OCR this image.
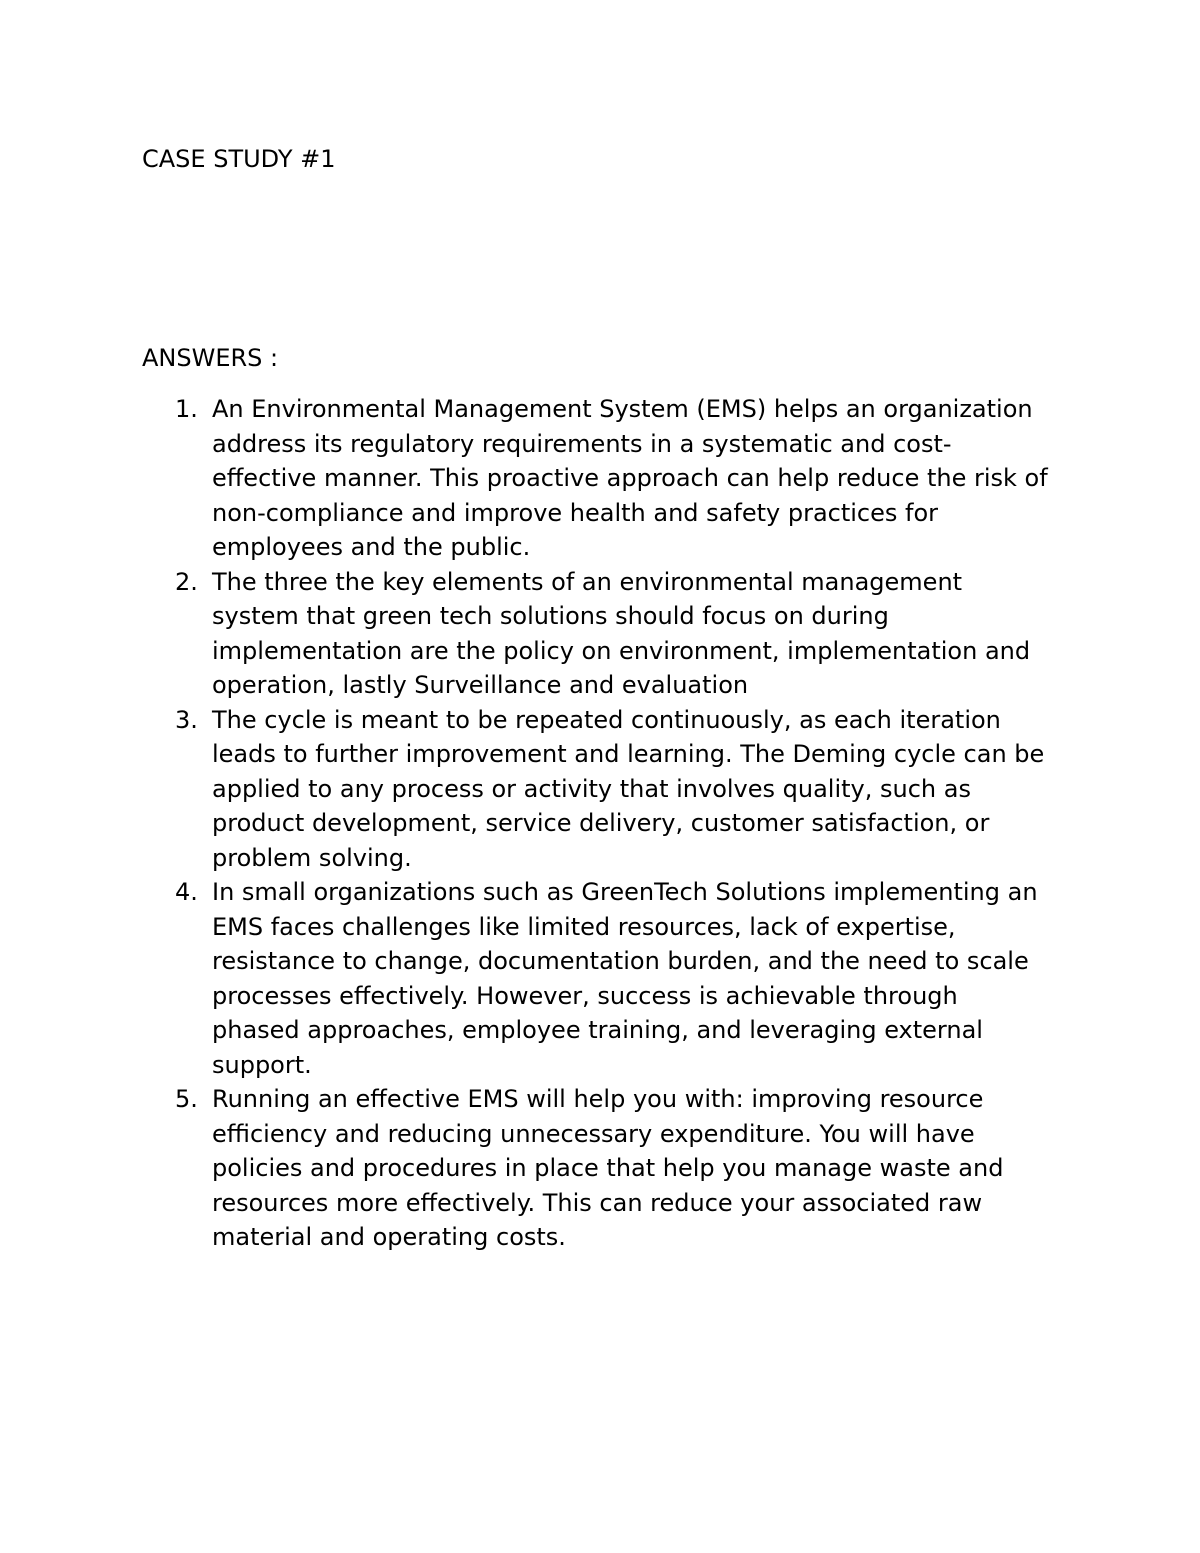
CASE STUDY #1
ANSWERS :
1. An Environmental Management System (EMS) helps an organization address its regulatory requirements in a systematic and cost-effective manner. This proactive approach can help reduce the risk of non-compliance and improve health and safety practices for employees and the public.
2. The three the key elements of an environmental management system that green tech solutions should focus on during implementation are the policy on environment, implementation and operation, lastly Surveillance and evaluation
3. The cycle is meant to be repeated continuously, as each iteration leads to further improvement and learning. The Deming cycle can be applied to any process or activity that involves quality, such as product development, service delivery, customer satisfaction, or problem solving.
4. In small organizations such as GreenTech Solutions implementing an EMS faces challenges like limited resources, lack of expertise, resistance to change, documentation burden, and the need to scale processes effectively. However, success is achievable through phased approaches, employee training, and leveraging external support.
5. Running an effective EMS will help you with: improving resource efficiency and reducing unnecessary expenditure. You will have policies and procedures in place that help you manage waste and resources more effectively. This can reduce your associated raw material and operating costs.
